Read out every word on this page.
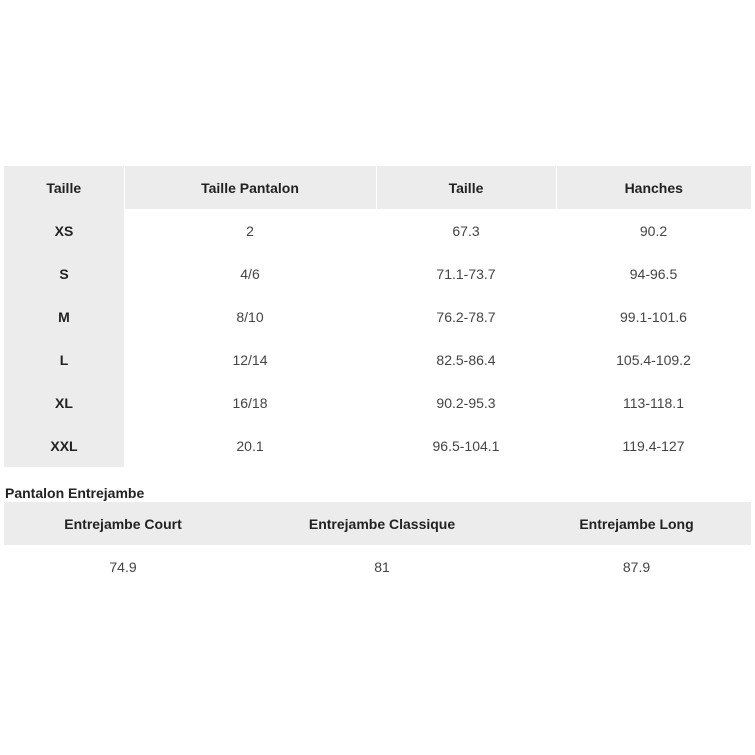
Taille	Taille Pantalon	Taille	Hanches
XS	2	67.3	90.2
S	4/6	71.1-73.7	94-96.5
M	8/10	76.2-78.7	99.1-101.6
L	12/14	82.5-86.4	105.4-109.2
XL	16/18	90.2-95.3	113-118.1
XXL	20.1	96.5-104.1	119.4-127
Pantalon Entrejambe
Entrejambe Court	Entrejambe Classique	Entrejambe Long
74.9	81	87.9
